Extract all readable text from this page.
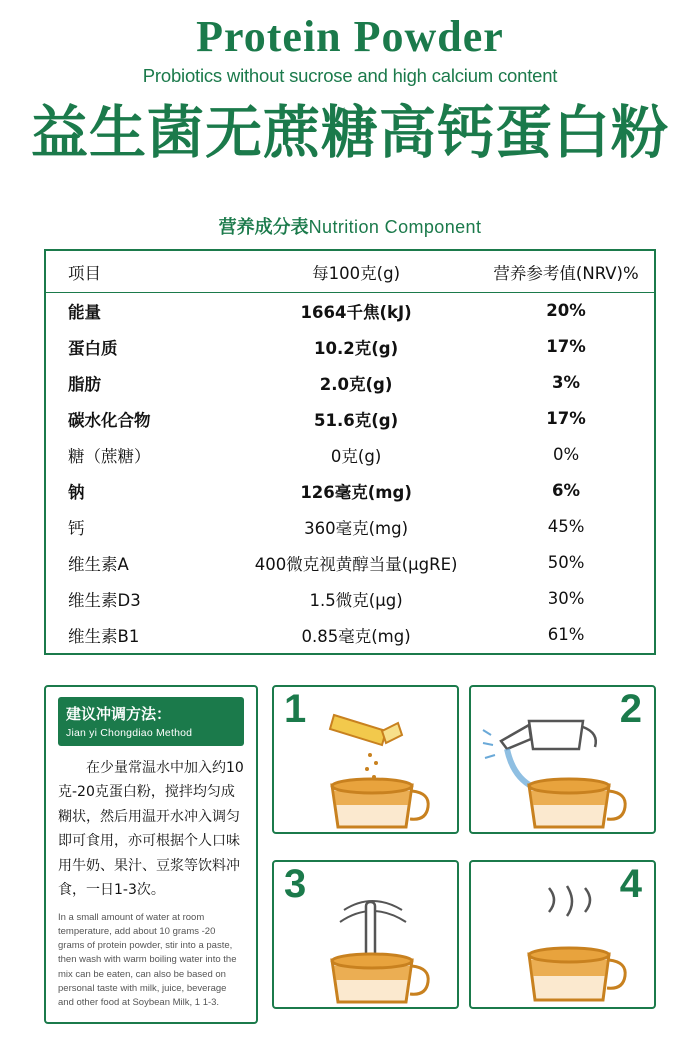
Protein Powder
Probiotics without sucrose and high calcium content
益生菌无蔗糖高钙蛋白粉
营养成分表Nutrition Component
项目	每100克(g)	营养参考值(NRV)%
能量	1664千焦(kJ)	20%
蛋白质	10.2克(g)	17%
脂肪	2.0克(g)	3%
碳水化合物	51.6克(g)	17%
糖（蔗糖）	0克(g)	0%
钠	126毫克(mg)	6%
钙	360毫克(mg)	45%
维生素A	400微克视黄醇当量(μgRE)	50%
维生素D3	1.5微克(μg)	30%
维生素B1	0.85毫克(mg)	61%
建议冲调方法：
Jian yi Chongdiao Method
在少量常温水中加入约10克-20克蛋白粉，搅拌均匀成糊状，然后用温开水冲入调匀即可食用，亦可根据个人口味用牛奶、果汁、豆浆等饮料冲食，一日1-3次。
In a small amount of water at room temperature, add about 10 grams -20 grams of protein powder, stir into a paste, then wash with warm boiling water into the mix can be eaten, can also be based on personal taste with milk, juice, beverage and other food at Soybean Milk, 1 1-3.
1	2
3	4
